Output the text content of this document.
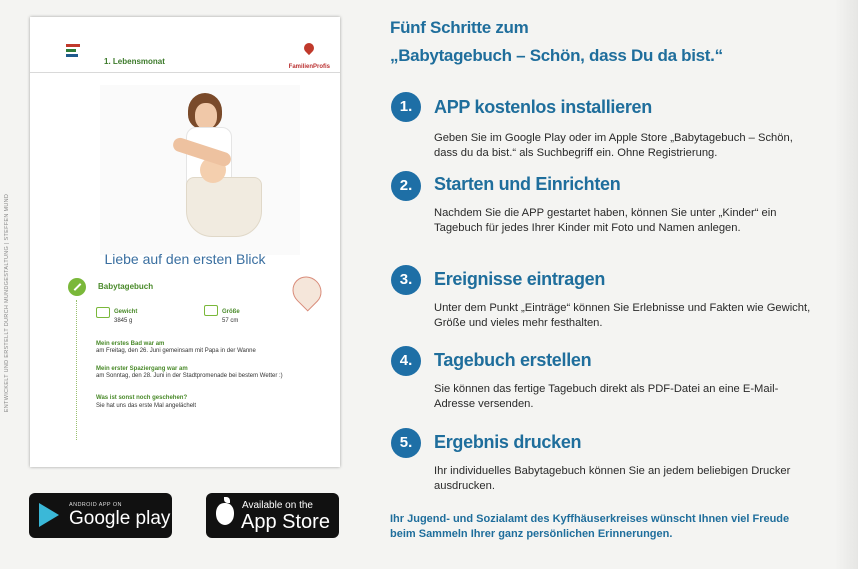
ENTWICKELT UND ERSTELLT DURCH MUNDGESTALTUNG | STEFFEN MUND
1. Lebensmonat
FamilienProfis
Liebe auf den ersten Blick
Babytagebuch
Gewicht
3845 g
Größe
57 cm
Mein erstes Bad war am
am Freitag, den 26. Juni gemeinsam mit Papa in der Wanne
Mein erster Spaziergang war am
am Sonntag, den 28. Juni in der Stadtpromenade bei bestem Wetter :)
Was ist sonst noch geschehen?
Sie hat uns das erste Mal angelächelt
ANDROID APP ON
Google play
Available on the
App Store
Fünf Schritte zum
„Babytagebuch – Schön, dass Du da bist.“
1.	APP kostenlos installieren
Geben Sie im Google Play oder im Apple Store „Babytagebuch – Schön, dass du da bist.“ als Suchbegriff ein. Ohne Registrierung.
2.	Starten und Einrichten
Nachdem Sie die APP gestartet haben, können Sie unter „Kinder“ ein Tagebuch für jedes Ihrer Kinder mit Foto und Namen anlegen.
3.	Ereignisse eintragen
Unter dem Punkt „Einträge“ können Sie Erlebnisse und Fakten wie Gewicht, Größe und vieles mehr festhalten.
4.	Tagebuch erstellen
Sie können das fertige Tagebuch direkt als PDF-Datei an eine E-Mail-Adresse versenden.
5.	Ergebnis drucken
Ihr individuelles Babytagebuch können Sie an jedem beliebigen Drucker ausdrucken.
Ihr Jugend- und Sozialamt des Kyffhäuserkreises wünscht Ihnen viel Freude beim Sammeln Ihrer ganz persönlichen Erinnerungen.
